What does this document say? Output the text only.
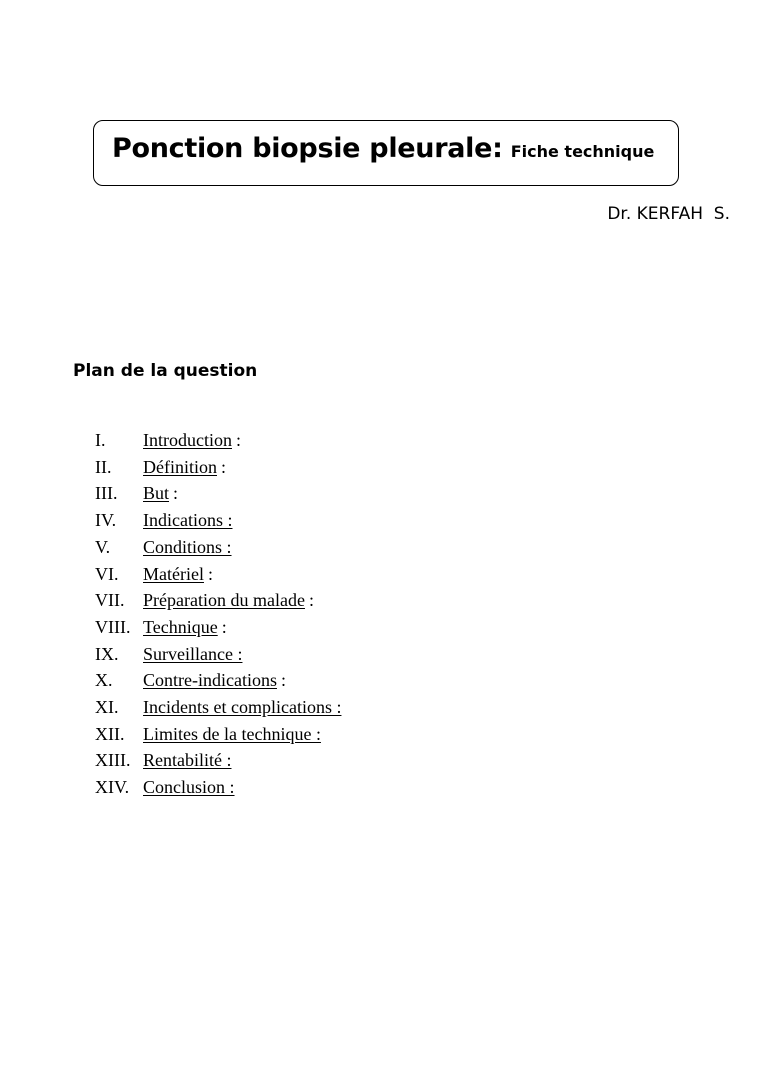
Ponction biopsie pleurale: Fiche technique
Dr. KERFAH  S.
Plan de la question
I.	Introduction :
II.	Définition :
III.	But :
IV.	Indications :
V.	Conditions :
VI.	Matériel :
VII.	Préparation du malade :
VIII. Technique :
IX.	Surveillance :
X.	Contre-indications :
XI.	Incidents et complications :
XII.	Limites de la technique :
XIII. Rentabilité :
XIV. Conclusion :
